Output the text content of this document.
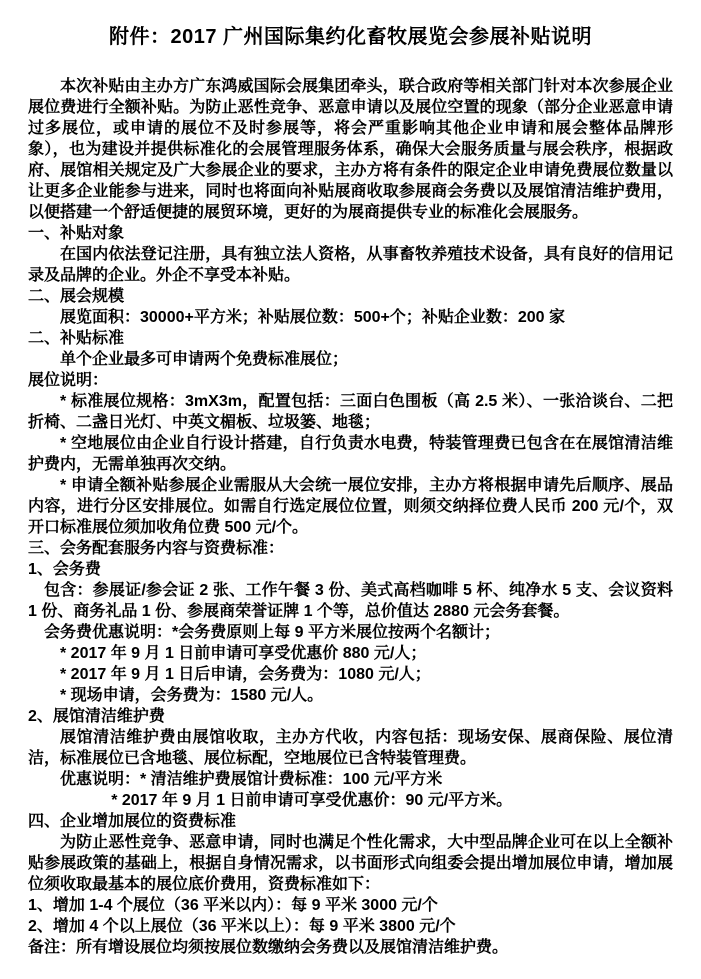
附件：2017 广州国际集约化畜牧展览会参展补贴说明

本次补贴由主办方广东鸿威国际会展集团牵头，联合政府等相关部门针对本次参展企业展位费进行全额补贴。为防止恶性竞争、恶意申请以及展位空置的现象（部分企业恶意申请过多展位，或申请的展位不及时参展等，将会严重影响其他企业申请和展会整体品牌形象），也为建设并提供标准化的会展管理服务体系，确保大会服务质量与展会秩序，根据政府、展馆相关规定及广大参展企业的要求，主办方将有条件的限定企业申请免费展位数量以让更多企业能参与进来，同时也将面向补贴展商收取参展商会务费以及展馆清洁维护费用，以便搭建一个舒适便捷的展贸环境，更好的为展商提供专业的标准化会展服务。

一、补贴对象

在国内依法登记注册，具有独立法人资格，从事畜牧养殖技术设备，具有良好的信用记录及品牌的企业。外企不享受本补贴。

二、展会规模

展览面积：30000+平方米；补贴展位数：500+个；补贴企业数：200 家

二、补贴标准

单个企业最多可申请两个免费标准展位；

展位说明：

* 标准展位规格：3mX3m，配置包括：三面白色围板（高 2.5 米）、一张洽谈台、二把折椅、二盏日光灯、中英文楣板、垃圾篓、地毯；

* 空地展位由企业自行设计搭建，自行负责水电费，特装管理费已包含在在展馆清洁维护费内，无需单独再次交纳。

* 申请全额补贴参展企业需服从大会统一展位安排，主办方将根据申请先后顺序、展品内容，进行分区安排展位。如需自行选定展位位置，则须交纳择位费人民币 200 元/个，双开口标准展位须加收角位费 500 元/个。

三、会务配套服务内容与资费标准：

1、会务费

包含：参展证/参会证 2 张、工作午餐 3 份、美式高档咖啡 5 杯、纯净水 5 支、会议资料 1 份、商务礼品 1 份、参展商荣誉证牌 1 个等，总价值达 2880 元会务套餐。

会务费优惠说明：*会务费原则上每 9 平方米展位按两个名额计；

* 2017 年 9 月 1 日前申请可享受优惠价 880 元/人；

* 2017 年 9 月 1 日后申请，会务费为：1080 元/人；

* 现场申请，会务费为：1580 元/人。

2、展馆清洁维护费

展馆清洁维护费由展馆收取，主办方代收，内容包括：现场安保、展商保险、展位清洁，标准展位已含地毯、展位标配，空地展位已含特装管理费。

优惠说明：* 清洁维护费展馆计费标准：100 元/平方米

* 2017 年 9 月 1 日前申请可享受优惠价：90 元/平方米。

四、企业增加展位的资费标准

为防止恶性竞争、恶意申请，同时也满足个性化需求，大中型品牌企业可在以上全额补贴参展政策的基础上，根据自身情况需求，以书面形式向组委会提出增加展位申请，增加展位须收取最基本的展位底价费用，资费标准如下：

1、增加 1-4 个展位（36 平米以内）：每 9 平米 3000 元/个

2、增加 4 个以上展位（36 平米以上）：每 9 平米 3800 元/个

备注：所有增设展位均须按展位数缴纳会务费以及展馆清洁维护费。
